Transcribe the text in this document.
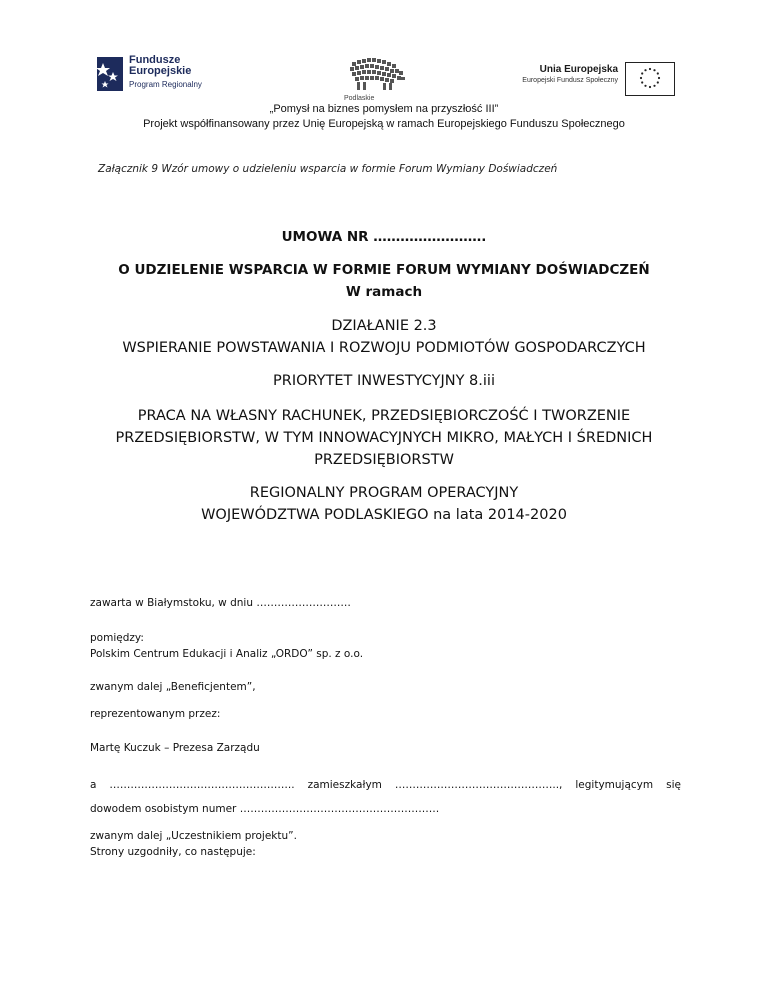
Fundusze
Europejskie
Program Regionalny
Podlaskie
Unia Europejska
Europejski Fundusz Społeczny
„Pomysł na biznes pomysłem na przyszłość III”
Projekt współfinansowany przez Unię Europejską w ramach Europejskiego Funduszu Społecznego
Załącznik 9 Wzór umowy o udzieleniu wsparcia w formie Forum Wymiany Doświadczeń
UMOWA NR …………………….
O UDZIELENIE WSPARCIA W FORMIE FORUM WYMIANY DOŚWIADCZEŃ
W ramach
DZIAŁANIE 2.3
WSPIERANIE POWSTAWANIA I ROZWOJU PODMIOTÓW GOSPODARCZYCH
PRIORYTET INWESTYCYJNY 8.iii
PRACA NA WŁASNY RACHUNEK, PRZEDSIĘBIORCZOŚĆ I TWORZENIE
PRZEDSIĘBIORSTW, W TYM INNOWACYJNYCH MIKRO, MAŁYCH I ŚREDNICH
PRZEDSIĘBIORSTW
REGIONALNY PROGRAM OPERACYJNY
WOJEWÓDZTWA PODLASKIEGO na lata 2014-2020
zawarta w Białymstoku, w dniu ………………………
pomiędzy:
Polskim Centrum Edukacji i Analiz „ORDO” sp. z o.o.
zwanym dalej „Beneficjentem”,
reprezentowanym przez:
Martę Kuczuk – Prezesa Zarządu
a …………………………………………….. zamieszkałym ……………………………………….., legitymującym się
dowodem osobistym numer …………………………………………………
zwanym dalej „Uczestnikiem projektu”.
Strony uzgodniły, co następuje:
